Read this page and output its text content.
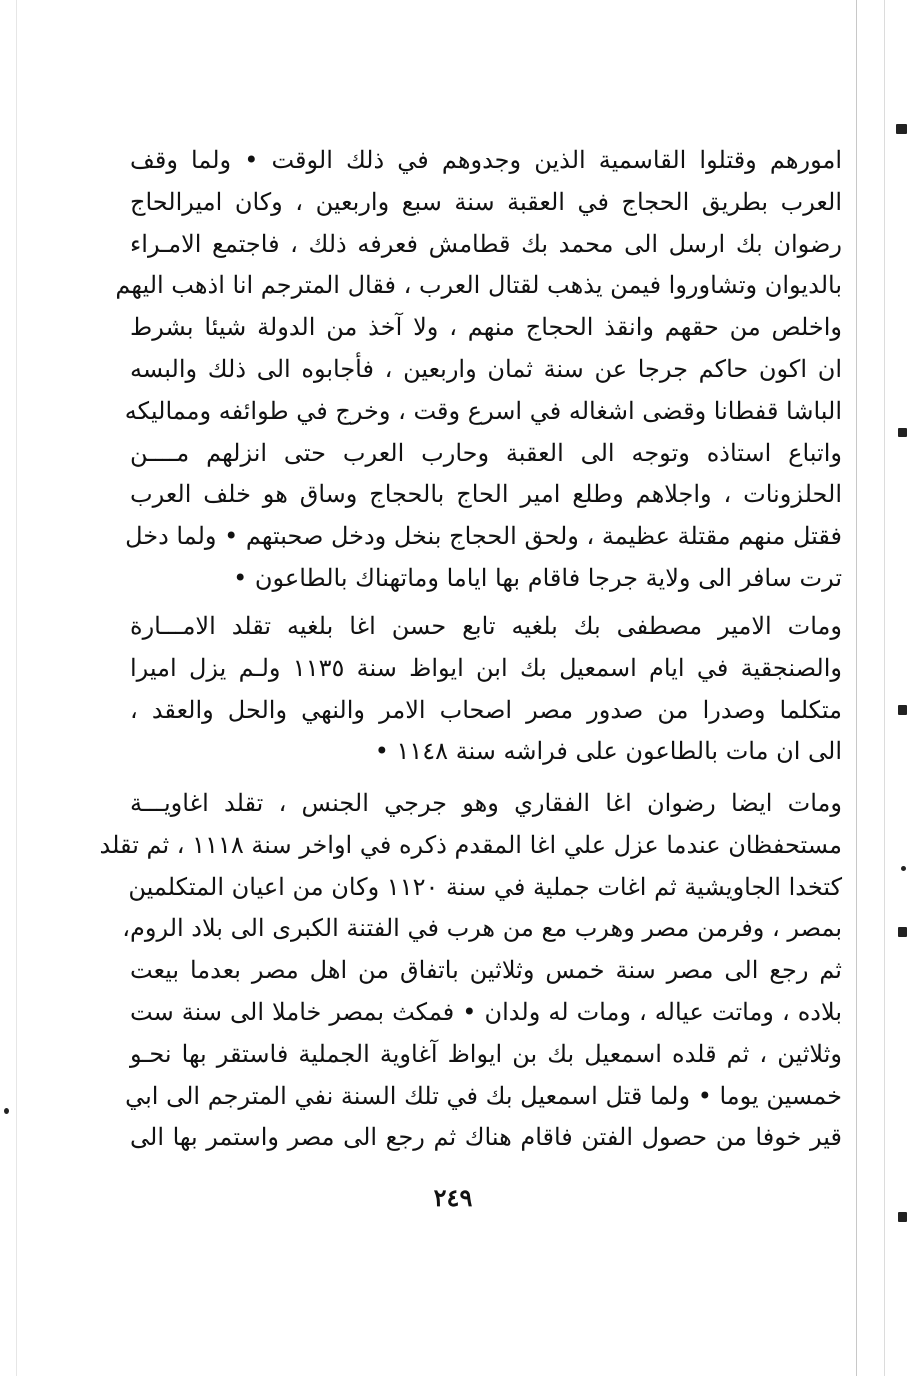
امورهم وقتلوا القاسمية الذين وجدوهم في ذلك الوقت • ولما وقف
العرب بطريق الحجاج في العقبة سنة سبع واربعين ، وكان اميرالحاج
رضوان بك ارسل الى محمد بك قطامش فعرفه ذلك ، فاجتمع الامـراء
بالديوان وتشاوروا فيمن يذهب لقتال العرب ، فقال المترجم انا اذهب اليهم
واخلص من حقهم وانقذ الحجاج منهم ، ولا آخذ من الدولة شيئا بشرط
ان اكون حاكم جرجا عن سنة ثمان واربعين ، فأجابوه الى ذلك والبسه
الباشا قفطانا وقضى اشغاله في اسرع وقت ، وخرج في طوائفه ومماليكه
واتباع استاذه وتوجه الى العقبة وحارب العرب حتى انزلهم مــــن
الحلزونات ، واجلاهم وطلع امير الحاج بالحجاج وساق هو خلف العرب
فقتل منهم مقتلة عظيمة ، ولحق الحجاج بنخل ودخل صحبتهم • ولما دخل
ترت سافر الى ولاية جرجا فاقام بها اياما وماتهناك بالطاعون •
ومات الامير مصطفى بك بلغيه تابع حسن اغا بلغيه تقلد الامـــارة
والصنجقية في ايام اسمعيل بك ابن ايواظ سنة ١١٣٥ ولـم يزل اميرا
متكلما وصدرا من صدور مصر اصحاب الامر والنهي والحل والعقد ،
الى ان مات بالطاعون على فراشه سنة ١١٤٨ •
ومات ايضا رضوان اغا الفقاري وهو جرجي الجنس ، تقلد اغاويـــة
مستحفظان عندما عزل علي اغا المقدم ذكره في اواخر سنة ١١١٨ ، ثم تقلد
كتخدا الجاويشية ثم اغات جملية في سنة ١١٢٠ وكان من اعيان المتكلمين
بمصر ، وفرمن مصر وهرب مع من هرب في الفتنة الكبرى الى بلاد الروم،
ثم رجع الى مصر سنة خمس وثلاثين باتفاق من اهل مصر بعدما بيعت
بلاده ، وماتت عياله ، ومات له ولدان • فمكث بمصر خاملا الى سنة ست
وثلاثين ، ثم قلده اسمعيل بك بن ايواظ آغاوية الجملية فاستقر بها نحـو
خمسين يوما • ولما قتل اسمعيل بك في تلك السنة نفي المترجم الى ابي
قير خوفا من حصول الفتن فاقام هناك ثم رجع الى مصر واستمر بها الى
٢٤٩
